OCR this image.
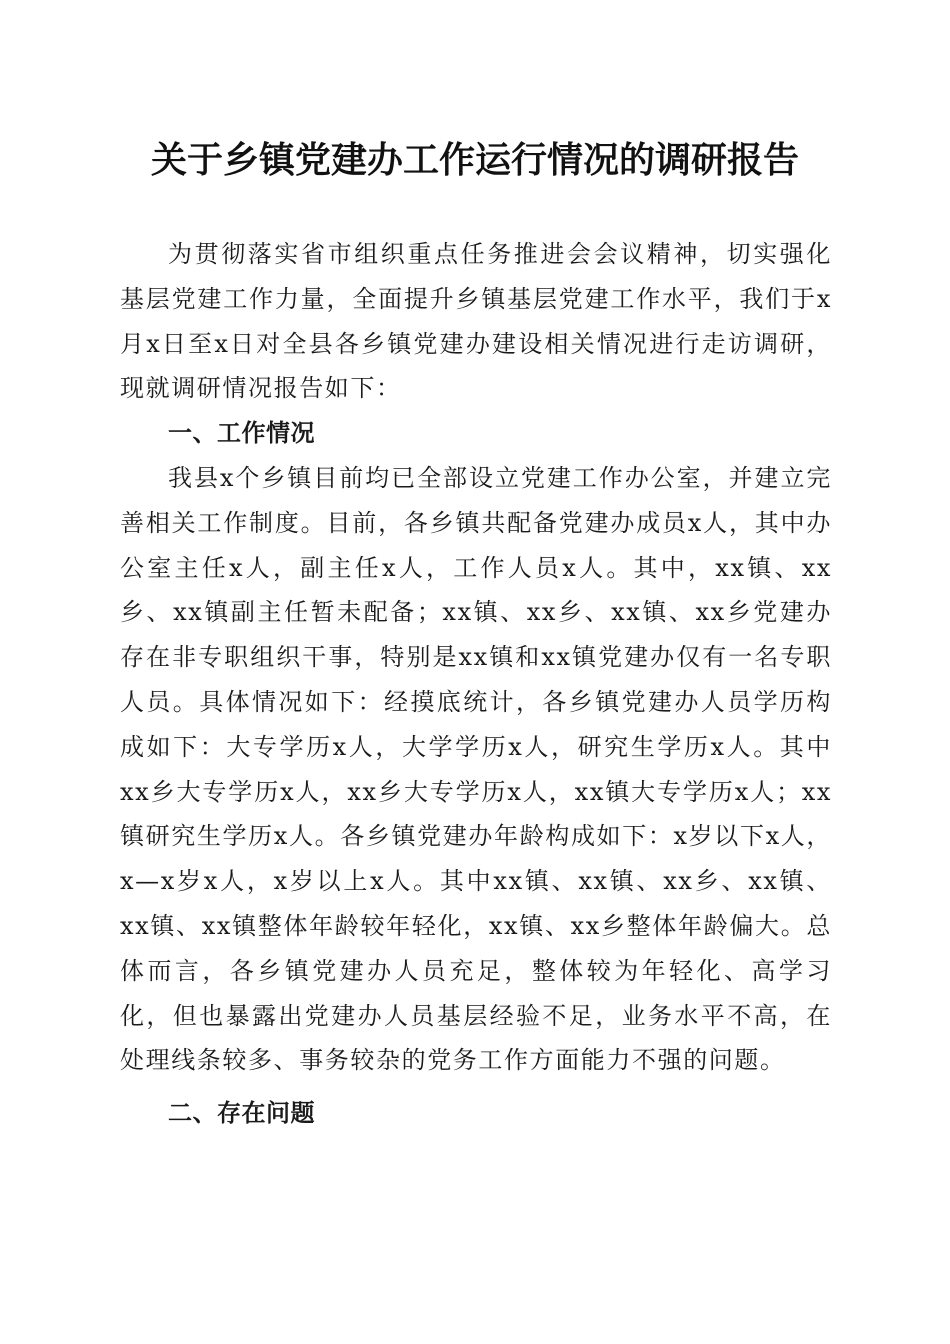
关于乡镇党建办工作运行情况的调研报告

为贯彻落实省市组织重点任务推进会会议精神，切实强化基层党建工作力量，全面提升乡镇基层党建工作水平，我们于x月x日至x日对全县各乡镇党建办建设相关情况进行走访调研，现就调研情况报告如下：

一、工作情况

我县x个乡镇目前均已全部设立党建工作办公室，并建立完善相关工作制度。目前，各乡镇共配备党建办成员x人，其中办公室主任x人，副主任x人，工作人员x人。其中，xx镇、xx乡、xx镇副主任暂未配备；xx镇、xx乡、xx镇、xx乡党建办存在非专职组织干事，特别是xx镇和xx镇党建办仅有一名专职人员。具体情况如下：经摸底统计，各乡镇党建办人员学历构成如下：大专学历x人，大学学历x人，研究生学历x人。其中xx乡大专学历x人，xx乡大专学历x人，xx镇大专学历x人；xx镇研究生学历x人。各乡镇党建办年龄构成如下：x岁以下x人，x—x岁x人，x岁以上x人。其中xx镇、xx镇、xx乡、xx镇、xx镇、xx镇整体年龄较年轻化，xx镇、xx乡整体年龄偏大。总体而言，各乡镇党建办人员充足，整体较为年轻化、高学习化，但也暴露出党建办人员基层经验不足，业务水平不高，在处理线条较多、事务较杂的党务工作方面能力不强的问题。

二、存在问题
